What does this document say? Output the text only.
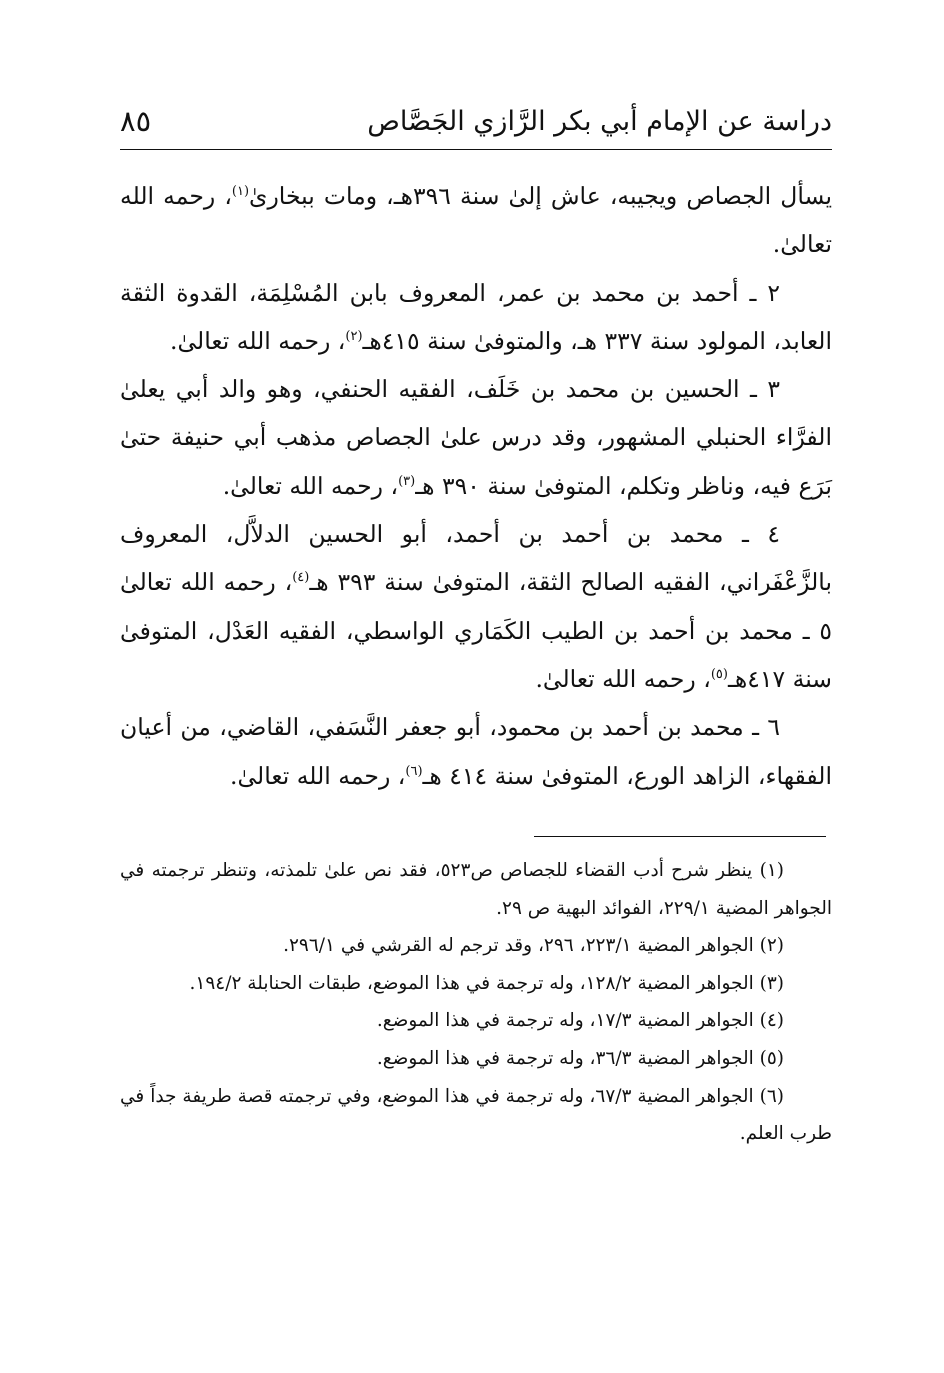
دراسة عن الإمام أبي بكر الرَّازي الجَصَّاص
٨٥

يسأل الجصاص ويجيبه، عاش إلىٰ سنة ٣٩٦هـ، ومات ببخارىٰ$^{(١)}$، رحمه الله تعالىٰ.

٢ ـ أحمد بن محمد بن عمر، المعروف بابن المُسْلِمَة، القدوة الثقة العابد، المولود سنة ٣٣٧ هـ، والمتوفىٰ سنة ٤١٥هـ$^{(٢)}$، رحمه الله تعالىٰ.

٣ ـ الحسين بن محمد بن خَلَف، الفقيه الحنفي، وهو والد أبي يعلىٰ الفرَّاء الحنبلي المشهور، وقد درس علىٰ الجصاص مذهب أبي حنيفة حتىٰ بَرَع فيه، وناظر وتكلم، المتوفىٰ سنة ٣٩٠ هـ$^{(٣)}$، رحمه الله تعالىٰ.

٤ ـ محمد بن أحمد بن أحمد، أبو الحسين الدلاَّل، المعروف بالزَّعْفَراني، الفقيه الصالح الثقة، المتوفىٰ سنة ٣٩٣ هـ$^{(٤)}$، رحمه الله تعالىٰ ٥ ـ محمد بن أحمد بن الطيب الكَمَاري الواسطي، الفقيه العَدْل، المتوفىٰ سنة ٤١٧هـ$^{(٥)}$، رحمه الله تعالىٰ.

٦ ـ محمد بن أحمد بن محمود، أبو جعفر النَّسَفي، القاضي، من أعيان الفقهاء، الزاهد الورع، المتوفىٰ سنة ٤١٤ هـ$^{(٦)}$، رحمه الله تعالىٰ.

(١) ينظر شرح أدب القضاء للجصاص ص٥٢٣، فقد نص علىٰ تلمذته، وتنظر ترجمته في الجواهر المضية ٢٢٩/١، الفوائد البهية ص ٢٩.

(٢) الجواهر المضية ٢٢٣/١، ٢٩٦، وقد ترجم له القرشي في ٢٩٦/١.

(٣) الجواهر المضية ١٢٨/٢، وله ترجمة في هذا الموضع، طبقات الحنابلة ١٩٤/٢.

(٤) الجواهر المضية ١٧/٣، وله ترجمة في هذا الموضع.

(٥) الجواهر المضية ٣٦/٣، وله ترجمة في هذا الموضع.

(٦) الجواهر المضية ٦٧/٣، وله ترجمة في هذا الموضع، وفي ترجمته قصة طريفة جداً في طرب العلم.
